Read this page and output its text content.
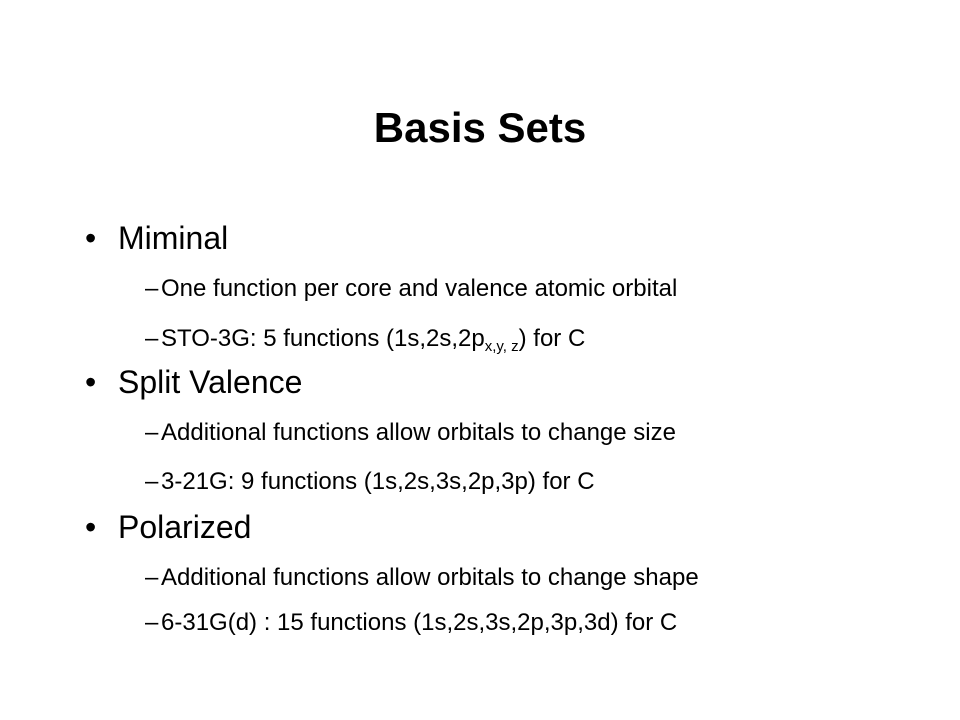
Basis Sets
• Miminal
– One function per core and valence atomic orbital
– STO-3G: 5 functions $(1s,2s,2p_{x,y, z})$ for C
• Split Valence
– Additional functions allow orbitals to change size
– 3-21G: 9 functions (1s,2s,3s,2p,3p) for C
• Polarized
– Additional functions allow orbitals to change shape
– 6-31G(d) : 15 functions (1s,2s,3s,2p,3p,3d) for C
